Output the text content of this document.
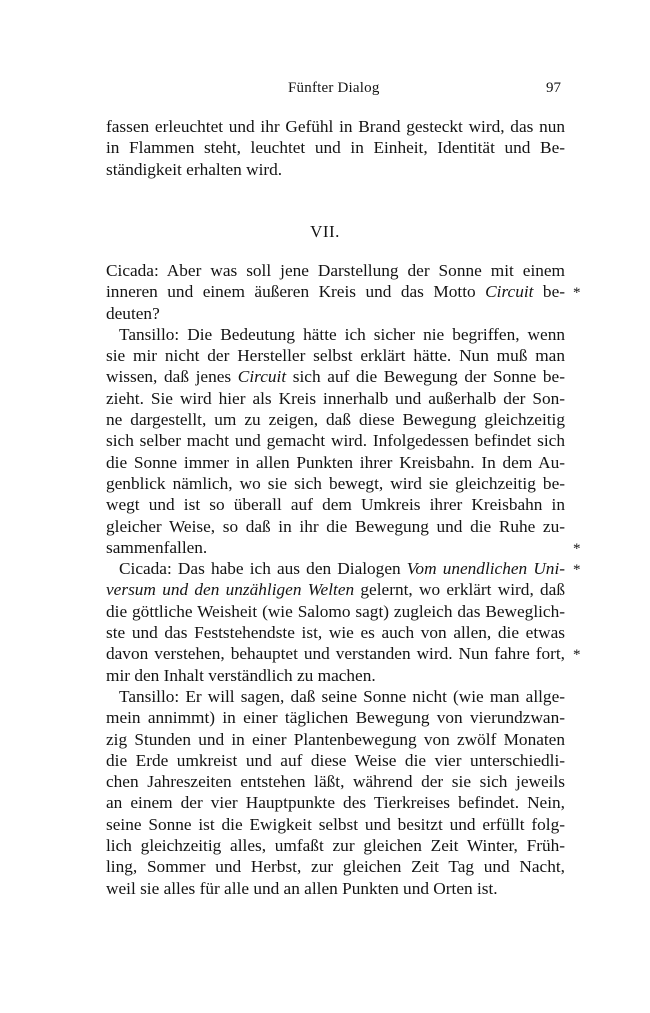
Fünfter Dialog	97
fassen erleuchtet und ihr Gefühl in Brand gesteckt wird, das nun
in Flammen steht, leuchtet und in Einheit, Identität und Be-
ständigkeit erhalten wird.
VII.
Cicada: Aber was soll jene Darstellung der Sonne mit einem
inneren und einem äußeren Kreis und das Motto Circuit be- *
deuten?
Tansillo: Die Bedeutung hätte ich sicher nie begriffen, wenn
sie mir nicht der Hersteller selbst erklärt hätte. Nun muß man
wissen, daß jenes Circuit sich auf die Bewegung der Sonne be-
zieht. Sie wird hier als Kreis innerhalb und außerhalb der Son-
ne dargestellt, um zu zeigen, daß diese Bewegung gleichzeitig
sich selber macht und gemacht wird. Infolgedessen befindet sich
die Sonne immer in allen Punkten ihrer Kreisbahn. In dem Au-
genblick nämlich, wo sie sich bewegt, wird sie gleichzeitig be-
wegt und ist so überall auf dem Umkreis ihrer Kreisbahn in
gleicher Weise, so daß in ihr die Bewegung und die Ruhe zu-
sammenfallen.	*
Cicada: Das habe ich aus den Dialogen Vom unendlichen Uni- *
versum und den unzähligen Welten gelernt, wo erklärt wird, daß
die göttliche Weisheit (wie Salomo sagt) zugleich das Beweglich-
ste und das Feststehendste ist, wie es auch von allen, die etwas
davon verstehen, behauptet und verstanden wird. Nun fahre fort, *
mir den Inhalt verständlich zu machen.
Tansillo: Er will sagen, daß seine Sonne nicht (wie man allge-
mein annimmt) in einer täglichen Bewegung von vierundzwan-
zig Stunden und in einer Plantenbewegung von zwölf Monaten
die Erde umkreist und auf diese Weise die vier unterschiedli-
chen Jahreszeiten entstehen läßt, während der sie sich jeweils
an einem der vier Hauptpunkte des Tierkreises befindet. Nein,
seine Sonne ist die Ewigkeit selbst und besitzt und erfüllt folg-
lich gleichzeitig alles, umfaßt zur gleichen Zeit Winter, Früh-
ling, Sommer und Herbst, zur gleichen Zeit Tag und Nacht,
weil sie alles für alle und an allen Punkten und Orten ist.
